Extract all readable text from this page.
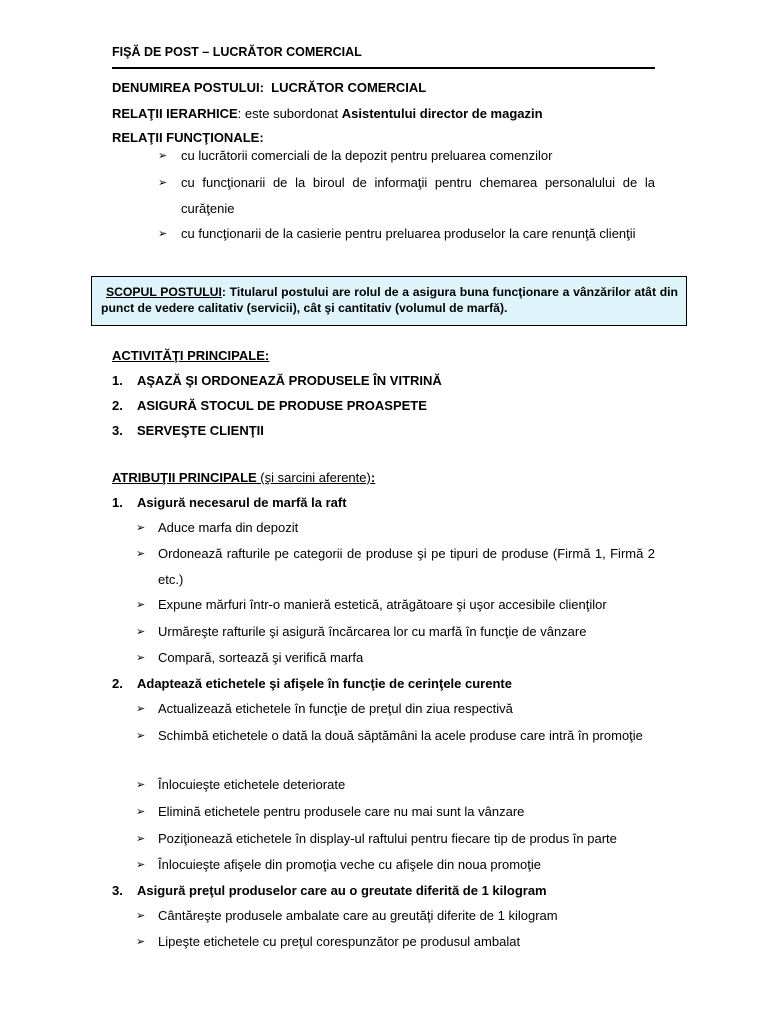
FIŞĂ DE POST – LUCRĂTOR COMERCIAL
DENUMIREA POSTULUI: LUCRĂTOR COMERCIAL
RELAŢII IERARHICE: este subordonat Asistentului director de magazin
RELAŢII FUNCŢIONALE:
➢ cu lucrătorii comerciali de la depozit pentru preluarea comenzilor
➢ cu funcţionarii de la biroul de informaţii pentru chemarea personalului de la curăţenie
➢ cu funcţionarii de la casierie pentru preluarea produselor la care renunţă clienţii
SCOPUL POSTULUI: Titularul postului are rolul de a asigura buna funcţionare a vânzărilor atât din punct de vedere calitativ (servicii), cât şi cantitativ (volumul de marfă).
ACTIVITĂŢI PRINCIPALE:
1. AŞAZĂ ŞI ORDONEAZĂ PRODUSELE ÎN VITRINĂ
2. ASIGURĂ STOCUL DE PRODUSE PROASPETE
3. SERVEŞTE CLIENŢII
ATRIBUŢII PRINCIPALE (şi sarcini aferente):
1. Asigură necesarul de marfă la raft
➢ Aduce marfa din depozit
➢ Ordonează rafturile pe categorii de produse şi pe tipuri de produse (Firmă 1, Firmă 2 etc.)
➢ Expune mărfuri într-o manieră estetică, atrăgătoare şi uşor accesibile clienţilor
➢ Urmăreşte rafturile şi asigură încărcarea lor cu marfă în funcţie de vânzare
➢ Compară, sortează şi verifică marfa
2. Adaptează etichetele şi afişele în funcţie de cerinţele curente
➢ Actualizează etichetele în funcţie de preţul din ziua respectivă
➢ Schimbă etichetele o dată la două săptămâni la acele produse care intră în promoţie
➢ Înlocuieşte etichetele deteriorate
➢ Elimină etichetele pentru produsele care nu mai sunt la vânzare
➢ Poziţionează etichetele în display-ul raftului pentru fiecare tip de produs în parte
➢ Înlocuieşte afişele din promoţia veche cu afişele din noua promoţie
3. Asigură preţul produselor care au o greutate diferită de 1 kilogram
➢ Cântăreşte produsele ambalate care au greutăţi diferite de 1 kilogram
➢ Lipeşte etichetele cu preţul corespunzător pe produsul ambalat
